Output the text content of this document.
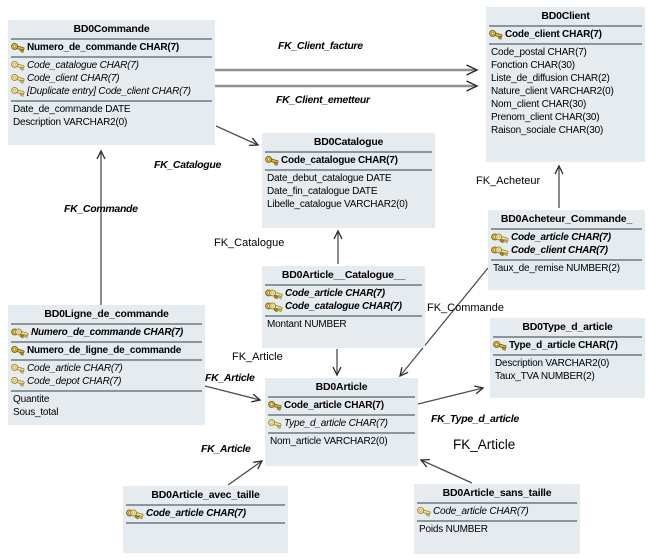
BD0Commande
Numero_de_commande CHAR(7)
Code_catalogue CHAR(7)
Code_client CHAR(7)
[Duplicate entry] Code_client CHAR(7)
Date_de_commande DATE
Description VARCHAR2(0)
BD0Client
Code_client CHAR(7)
Code_postal CHAR(7)
Fonction CHAR(30)
Liste_de_diffusion CHAR(2)
Nature_client VARCHAR2(0)
Nom_client CHAR(30)
Prenom_client CHAR(30)
Raison_sociale CHAR(30)
BD0Catalogue
Code_catalogue CHAR(7)
Date_debut_catalogue DATE
Date_fin_catalogue DATE
Libelle_catalogue VARCHAR2(0)
BD0Acheteur_Commande_
Code_article CHAR(7)
Code_client CHAR(7)
Taux_de_remise NUMBER(2)
BD0Article__Catalogue__
Code_article CHAR(7)
Code_catalogue CHAR(7)
Montant NUMBER	BD0Type_d_article
Type_d_article CHAR(7)
Description VARCHAR2(0)
Taux_TVA NUMBER(2)
BD0Ligne_de_commande
Numero_de_commande CHAR(7)
Numero_de_ligne_de_commande
Code_article CHAR(7)
Code_depot CHAR(7)
Quantite
Sous_total
BD0Article
Code_article CHAR(7)
Type_d_article CHAR(7)
Nom_article VARCHAR2(0)
BD0Article_avec_taille
Code_article CHAR(7)
BD0Article_sans_taille
Code_article CHAR(7)
Poids NUMBER
FK_Client_facture
FK_Client_emetteur
FK_Catalogue
FK_Commande
FK_Acheteur
FK_Catalogue
FK_Commande
FK_Article
FK_Article
FK_Article
FK_Type_d_article
FK_Article
